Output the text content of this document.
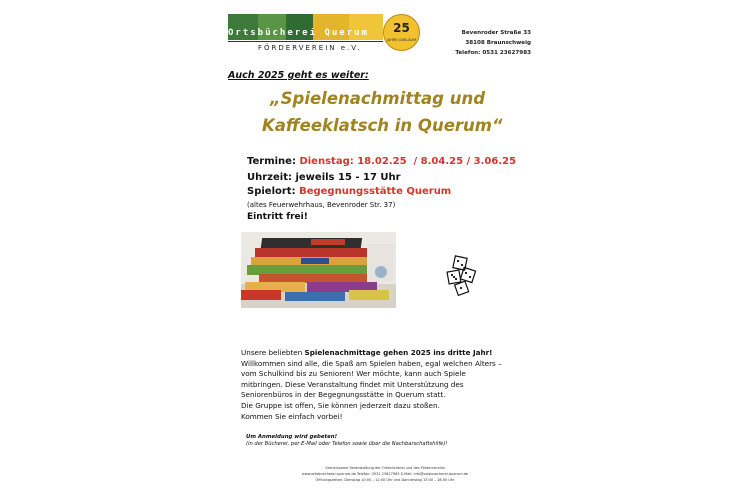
Ortsbücherei Querum
FÖRDERVEREIN e.V.
25
JAHRE JUBILÄUM
Bevenroder Straße 33
38108 Braunschweig
Telefon: 0531 23627983
Auch 2025 geht es weiter:
„Spielenachmittag und
Kaffeeklatsch in Querum“
Termine: Dienstag: 18.02.25  / 8.04.25 / 3.06.25
Uhrzeit: jeweils 15 - 17 Uhr
Spielort: Begegnungsstätte Querum
(altes Feuerwehrhaus, Bevenroder Str. 37)
Eintritt frei!
Unsere beliebten Spielenachmittage gehen 2025 ins dritte Jahr!
Willkommen sind alle, die Spaß am Spielen haben, egal welchen Alters –
vom Schulkind bis zu Senioren! Wer möchte, kann auch Spiele
mitbringen. Diese Veranstaltung findet mit Unterstützung des
Seniorenbüros in der Begegnungsstätte in Querum statt.
Die Gruppe ist offen, Sie können jederzeit dazu stoßen.
Kommen Sie einfach vorbei!
Um Anmeldung wird gebeten!
(in der Bücherei, per E-Mail oder Telefon sowie über die Nachbarschaftshilfe)!
Gemeinsame Veranstaltung der Ortsbücherei und des Fördervereins
www.ortsbuecherei-querum.de Telefon: 0531 23627983 E-Mail: info@ortsbuecherei-querum.de
Öffnungszeiten: Dienstag 10:00 – 12:00 Uhr und Donnerstag 15:00 – 18:00 Uhr
